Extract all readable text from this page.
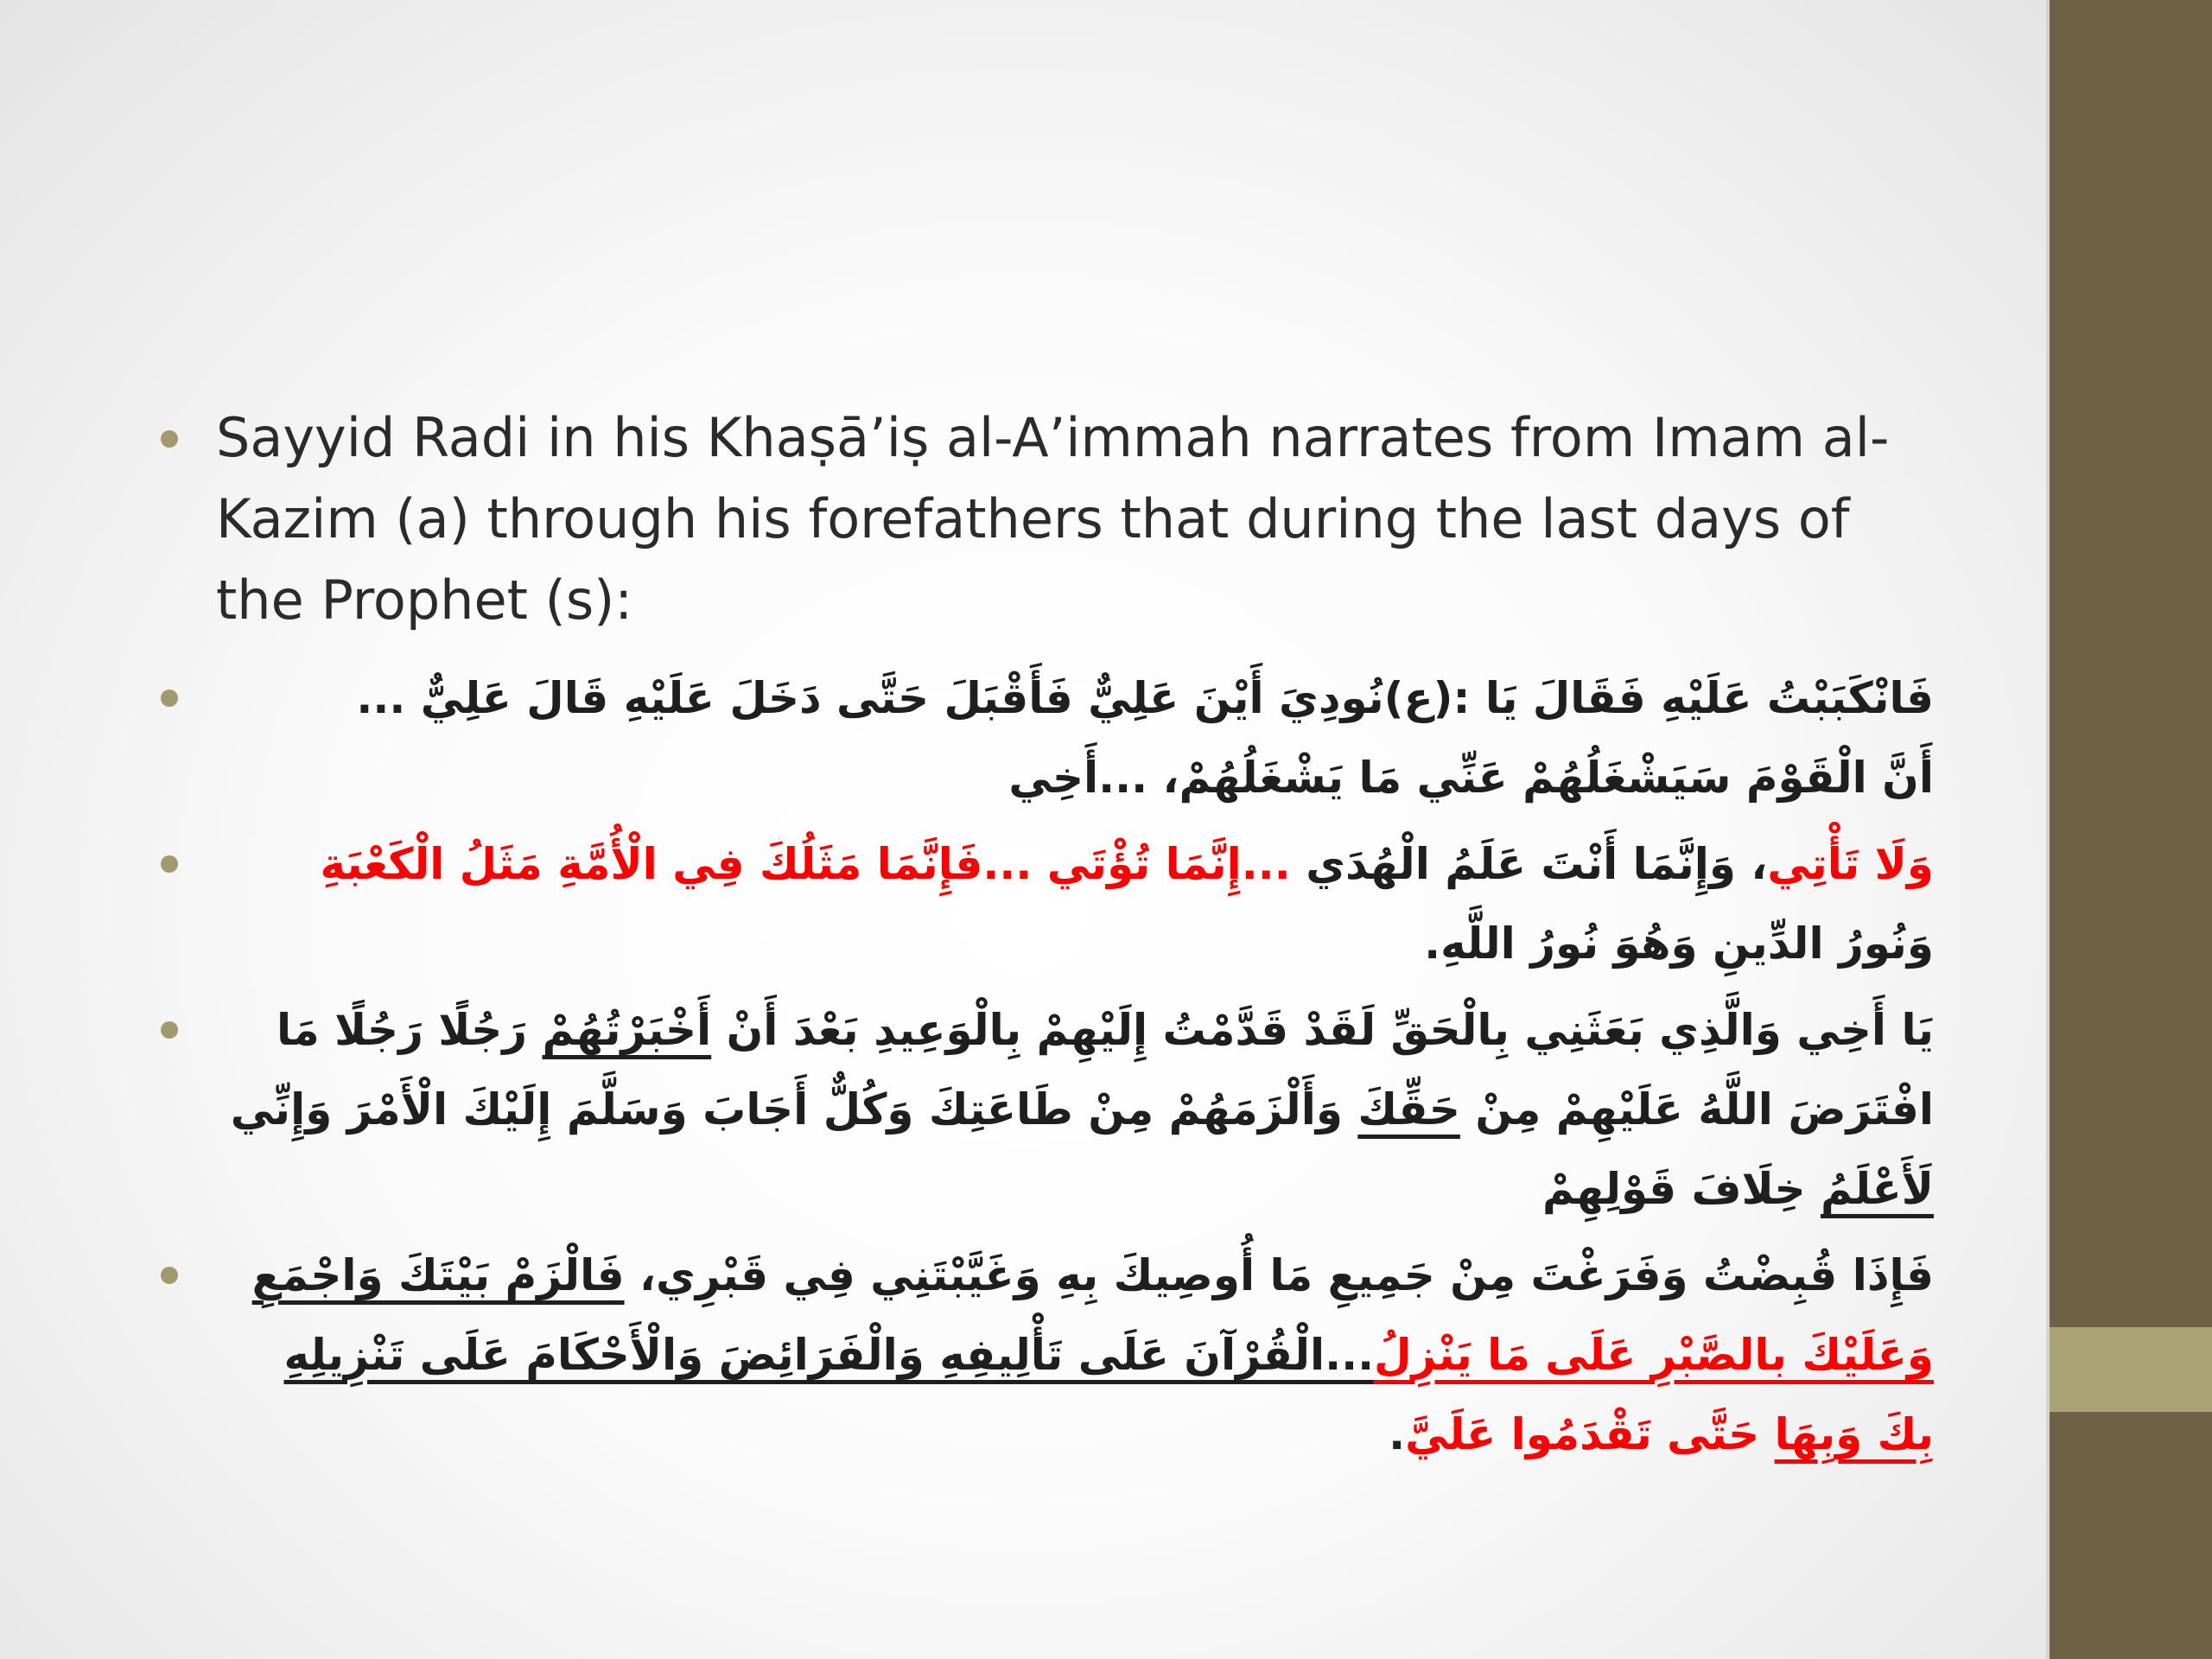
Sayyid Radi in his Khaṣā’iṣ al-A’immah narrates from Imam al-Kazim (a) through his forefathers that during the last days of the Prophet (s):

فَانْكَبَبْتُ عَلَيْهِ فَقَالَ يَا :(ع)نُودِيَ أَيْنَ عَلِيٌّ فَأَقْبَلَ حَتَّى دَخَلَ عَلَيْهِ قَالَ عَلِيٌّ ...

أَنَّ الْقَوْمَ سَيَشْغَلُهُمْ عَنِّي مَا يَشْغَلُهُمْ، ...أَخِي

وَلَا تَأْتِي، وَإِنَّمَا أَنْتَ عَلَمُ الْهُدَي ...إِنَّمَا تُؤْتَي ...فَإِنَّمَا مَثَلُكَ فِي الْأُمَّةِ مَثَلُ الْكَعْبَةِ

وَنُورُ الدِّينِ وَهُوَ نُورُ اللَّهِ.

يَا أَخِي وَالَّذِي بَعَثَنِي بِالْحَقِّ لَقَدْ قَدَّمْتُ إِلَيْهِمْ بِالْوَعِيدِ بَعْدَ أَنْ أَخْبَرْتُهُمْ رَجُلًا رَجُلًا مَا

افْتَرَضَ اللَّهُ عَلَيْهِمْ مِنْ حَقِّكَ وَأَلْزَمَهُمْ مِنْ طَاعَتِكَ وَكُلٌّ أَجَابَ وَسَلَّمَ إِلَيْكَ الْأَمْرَ وَإِنِّي

لَأَعْلَمُ خِلَافَ قَوْلِهِمْ

فَإِذَا قُبِضْتُ وَفَرَغْتَ مِنْ جَمِيعِ مَا أُوصِيكَ بِهِ وَغَيَّبْتَنِي فِي قَبْرِي، فَالْزَمْ بَيْتَكَ وَاجْمَعِ

وَعَلَيْكَ بالصَّبْرِ عَلَى مَا يَنْزِلُ...الْقُرْآنَ عَلَى تَأْلِيفِهِ وَالْفَرَائِضَ وَالْأَحْكَامَ عَلَى تَنْزِيلِهِ

بِكَ وَبِهَا حَتَّى تَقْدَمُوا عَلَيَّ.
